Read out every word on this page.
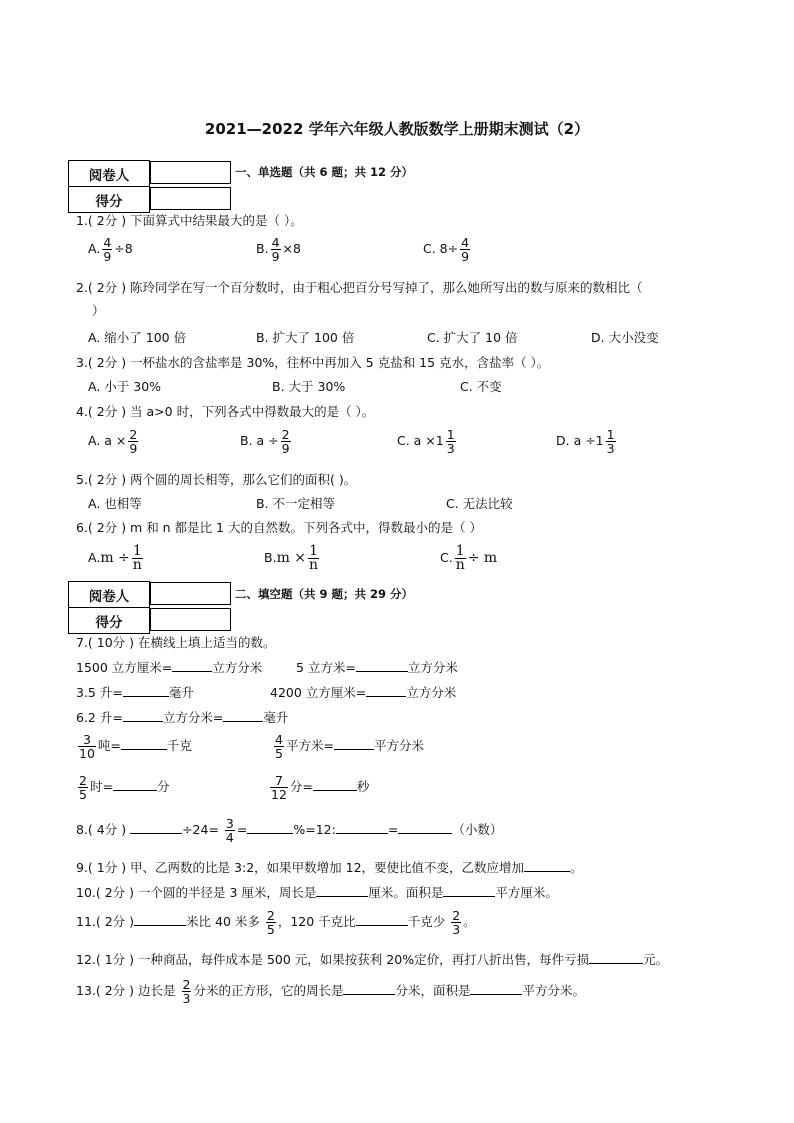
2021—2022 学年六年级人教版数学上册期末测试（2）
阅卷人	
得分	
一、单选题（共 6 题；共 12 分）
1.( 2分 ) 下面算式中结果最大的是（ ）。
A. $\frac{4}{9} \div 8$	B. $\frac{4}{9} \times 8$	C. $8\div \frac{4}{9}$
2.( 2分 ) 陈玲同学在写一个百分数时，由于粗心把百分号写掉了，那么她所写出的数与原来的数相比（
）
A. 缩小了 100 倍	B. 扩大了 100 倍	C. 扩大了 10 倍	D. 大小没变
3.( 2分 ) 一杯盐水的含盐率是 30%，往杯中再加入 5 克盐和 15 克水，含盐率（ ）。
A. 小于 30%	B. 大于 30%	C. 不变
4.( 2分 ) 当 a>0 时，下列各式中得数最大的是（ ）。
A. $a \times \frac{2}{9}$	B. $a \div \frac{2}{9}$	C. $a \times 1 \frac{1}{3}$	D. $a \div 1 \frac{1}{3}$
5.( 2分 ) 两个圆的周长相等，那么它们的面积( )。
A. 也相等	B. 不一定相等	C. 无法比较
6.( 2分 ) m 和 n 都是比 1 大的自然数。下列各式中，得数最小的是（ ）
$A.m \div \frac{1}{n}$	$B.m \times \frac{1}{n}$	C. $\frac{1}{n} \div m$
阅卷人	
得分	
二、填空题（共 9 题；共 29 分）
7.( 10分 ) 在横线上填上适当的数。
1500 立方厘米=	立方分米	5 立方米=	立方分米
3.5 升=	毫升	4200 立方厘米=	立方分米
6.2 升=	立方分米=	毫升
$\frac{3}{10}$ 吨=	千克	$\frac{4}{5}$ 平方米=	平方分米
$\frac{2}{5}$ 时=	分	$\frac{7}{12}$ 分=	秒
8.( 4分 )	$\div 24= \frac{3}{4}$ =	%=12:	=	（小数）
9.( 1分 ) 甲、乙两数的比是 3:2，如果甲数增加 12，要使比值不变，乙数应增加	。
10.( 2分 ) 一个圆的半径是 3 厘米，周长是	厘米。面积是	平方厘米。
11.( 2分 )	米比 40 米多 $\frac{2}{5}$ ，120 千克比	千克少 $\frac{2}{3}$ 。
12.( 1分 ) 一种商品，每件成本是 500 元，如果按获利 20%定价，再打八折出售，每件亏损	元。
13.( 2分 ) 边长是 $\frac{2}{3}$ 分米的正方形，它的周长是	分米，面积是	平方分米。
